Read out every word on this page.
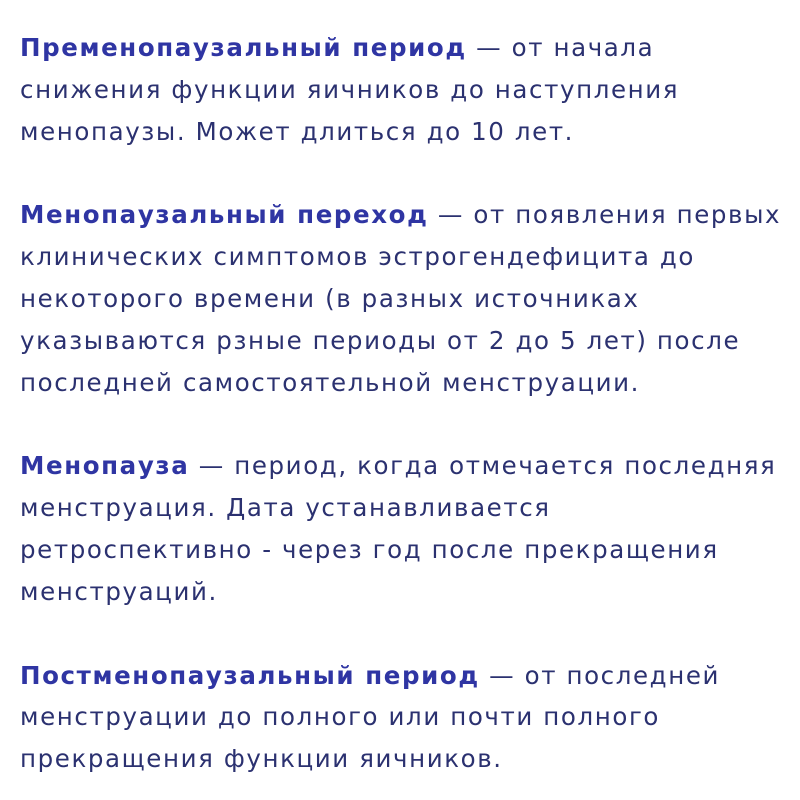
Пременопаузальный период — от начала снижения функции яичников до наступления менопаузы. Может длиться до 10 лет.

Менопаузальный переход — от появления первых клинических симптомов эстрогендефицита до некоторого времени (в разных источниках указываются рзные периоды от 2 до 5 лет) после последней самостоятельной менструации.

Менопауза — период, когда отмечается последняя менструация. Дата устанавливается ретроспективно - через год после прекращения менструаций.

Постменопаузальный период — от последней менструации до полного или почти полного прекращения функции яичников.
